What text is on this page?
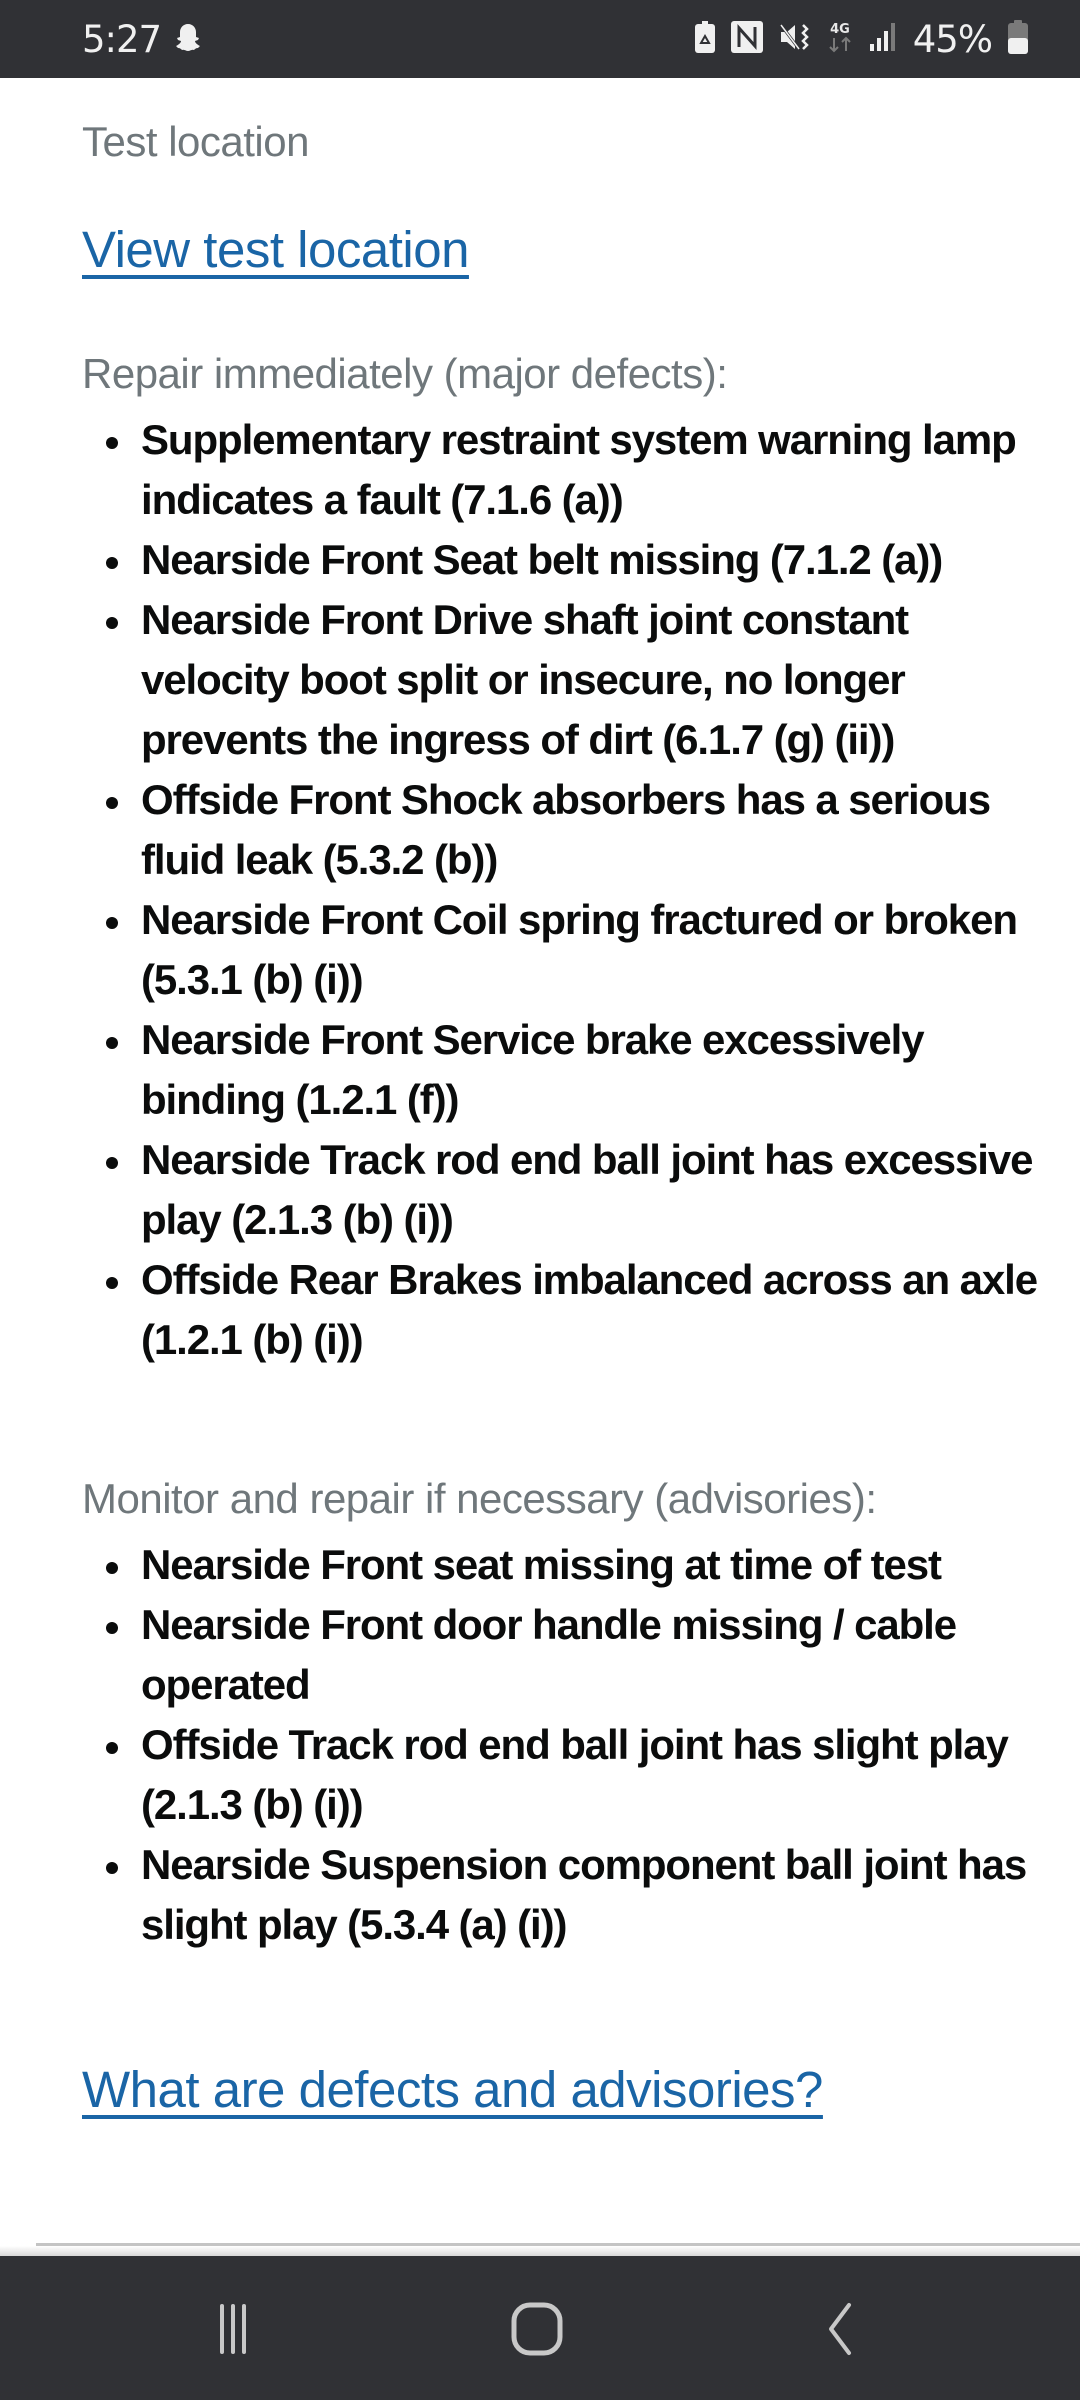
5:27	4G 45%
Test location
View test location
Repair immediately (major defects):
Supplementary restraint system warning lamp indicates a fault (7.1.6 (a))
Nearside Front Seat belt missing (7.1.2 (a))
Nearside Front Drive shaft joint constant velocity boot split or insecure, no longer prevents the ingress of dirt (6.1.7 (g) (ii))
Offside Front Shock absorbers has a serious fluid leak (5.3.2 (b))
Nearside Front Coil spring fractured or broken (5.3.1 (b) (i))
Nearside Front Service brake excessively binding (1.2.1 (f))
Nearside Track rod end ball joint has excessive play (2.1.3 (b) (i))
Offside Rear Brakes imbalanced across an axle (1.2.1 (b) (i))
Monitor and repair if necessary (advisories):
Nearside Front seat missing at time of test
Nearside Front door handle missing / cable operated
Offside Track rod end ball joint has slight play (2.1.3 (b) (i))
Nearside Suspension component ball joint has slight play (5.3.4 (a) (i))
What are defects and advisories?
